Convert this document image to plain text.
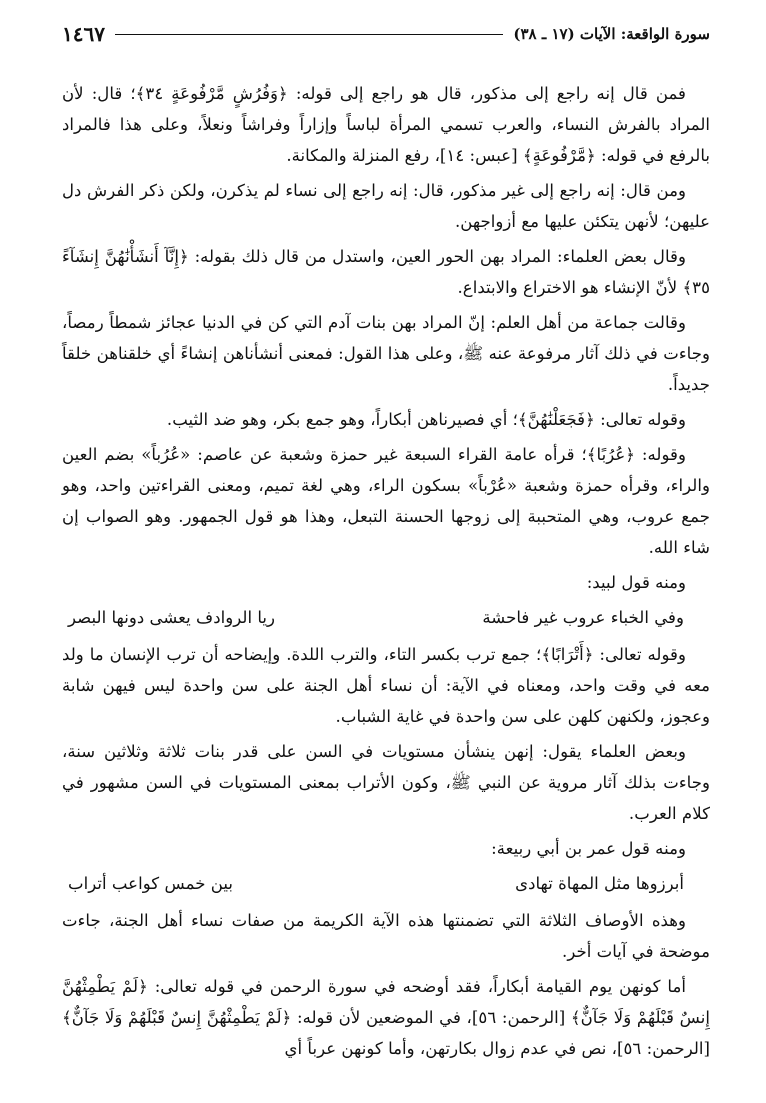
سورة الواقعة: الآيات (١٧ ـ ٣٨)
١٤٦٧

فمن قال إنه راجع إلى مذكور، قال هو راجع إلى قوله: ﴿وَفُرُشٍ مَّرْفُوعَةٍ ٣٤﴾؛ قال: لأن المراد بالفرش النساء، والعرب تسمي المرأة لباساً وإزاراً وفراشاً ونعلاً، وعلى هذا فالمراد بالرفع في قوله: ﴿مَّرْفُوعَةٍ﴾ [عبس: ١٤]، رفع المنزلة والمكانة.

ومن قال: إنه راجع إلى غير مذكور، قال: إنه راجع إلى نساء لم يذكرن، ولكن ذكر الفرش دل عليهن؛ لأنهن يتكئن عليها مع أزواجهن.

وقال بعض العلماء: المراد بهن الحور العين، واستدل من قال ذلك بقوله: ﴿إِنَّآ أَنشَأْنَٰهُنَّ إِنشَآءً ٣٥﴾ لأنّ الإنشاء هو الاختراع والابتداع.

وقالت جماعة من أهل العلم: إنّ المراد بهن بنات آدم التي كن في الدنيا عجائز شمطاً رمصاً، وجاءت في ذلك آثار مرفوعة عنه ﷺ، وعلى هذا القول: فمعنى أنشأناهن إنشاءً أي خلقناهن خلقاً جديداً.

وقوله تعالى: ﴿فَجَعَلْنَٰهُنَّ﴾؛ أي فصيرناهن أبكاراً، وهو جمع بكر، وهو ضد الثيب.

وقوله: ﴿عُرُبًا﴾؛ قرأه عامة القراء السبعة غير حمزة وشعبة عن عاصم: «عُرُباً» بضم العين والراء، وقرأه حمزة وشعبة «عُرْباً» بسكون الراء، وهي لغة تميم، ومعنى القراءتين واحد، وهو جمع عروب، وهي المتحببة إلى زوجها الحسنة التبعل، وهذا هو قول الجمهور. وهو الصواب إن شاء الله.

ومنه قول لبيد:

وفي الخباء عروب غير فاحشة
ريا الروادف يعشى دونها البصر

وقوله تعالى: ﴿أَتْرَابًا﴾؛ جمع ترب بكسر التاء، والترب اللدة. وإيضاحه أن ترب الإنسان ما ولد معه في وقت واحد، ومعناه في الآية: أن نساء أهل الجنة على سن واحدة ليس فيهن شابة وعجوز، ولكنهن كلهن على سن واحدة في غاية الشباب.

وبعض العلماء يقول: إنهن ينشأن مستويات في السن على قدر بنات ثلاثة وثلاثين سنة، وجاءت بذلك آثار مروية عن النبي ﷺ، وكون الأتراب بمعنى المستويات في السن مشهور في كلام العرب.

ومنه قول عمر بن أبي ربيعة:

أبرزوها مثل المهاة تهادى
بين خمس كواعب أتراب

وهذه الأوصاف الثلاثة التي تضمنتها هذه الآية الكريمة من صفات نساء أهل الجنة، جاءت موضحة في آيات أخر.

أما كونهن يوم القيامة أبكاراً، فقد أوضحه في سورة الرحمن في قوله تعالى: ﴿لَمْ يَطْمِثْهُنَّ إِنسٌ قَبْلَهُمْ وَلَا جَآنٌّ﴾ [الرحمن: ٥٦]، في الموضعين لأن قوله: ﴿لَمْ يَطْمِثْهُنَّ إِنسٌ قَبْلَهُمْ وَلَا جَآنٌّ﴾ [الرحمن: ٥٦]، نص في عدم زوال بكارتهن، وأما كونهن عرباً أي
